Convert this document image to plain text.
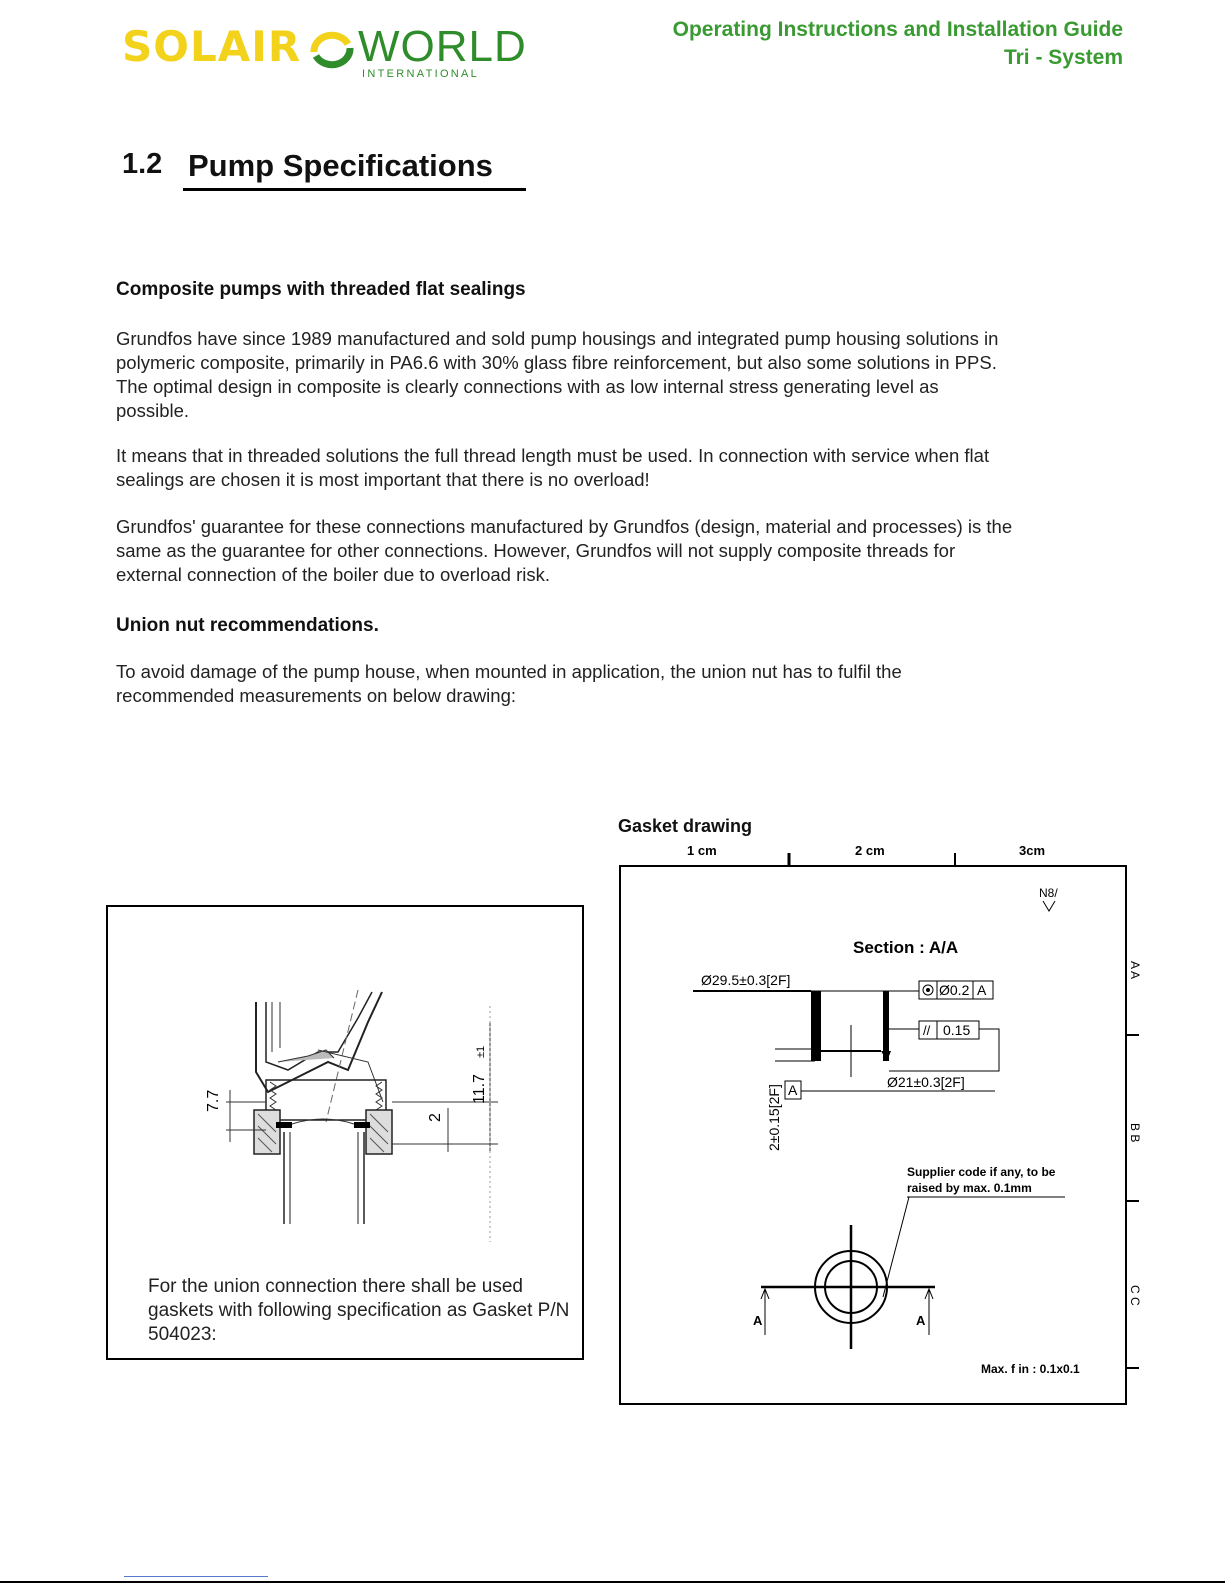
SOLAIR WORLD
INTERNATIONAL
Operating Instructions and Installation Guide
Tri - System
1.2 Pump Specifications
Composite pumps with threaded flat sealings
Grundfos have since 1989 manufactured and sold pump housings and integrated pump housing solutions in polymeric composite, primarily in PA6.6 with 30% glass fibre reinforcement, but also some solutions in PPS. The optimal design in composite is clearly connections with as low internal stress generating level as possible.
It means that in threaded solutions the full thread length must be used. In connection with service when flat sealings are chosen it is most important that there is no overload!
Grundfos' guarantee for these connections manufactured by Grundfos (design, material and processes) is the same as the guarantee for other connections. However, Grundfos will not supply composite threads for external connection of the boiler due to overload risk.
Union nut recommendations.
To avoid damage of the pump house, when mounted in application, the union nut has to fulfil the recommended measurements on below drawing:
7.7
2
11.7
±1
For the union connection there shall be used gaskets with following specification as Gasket P/N 504023:
Gasket drawing
1 cm	2 cm	3cm
N8/
A A
B B
C C
Section : A/A
Ø29.5±0.3[2F]
Ø0.2 A
// 0.15
Ø21±0.3[2F]
A
2±0.15[2F]
Supplier code if any, to be
raised by max. 0.1mm
A	A
Max. f in : 0.1x0.1
